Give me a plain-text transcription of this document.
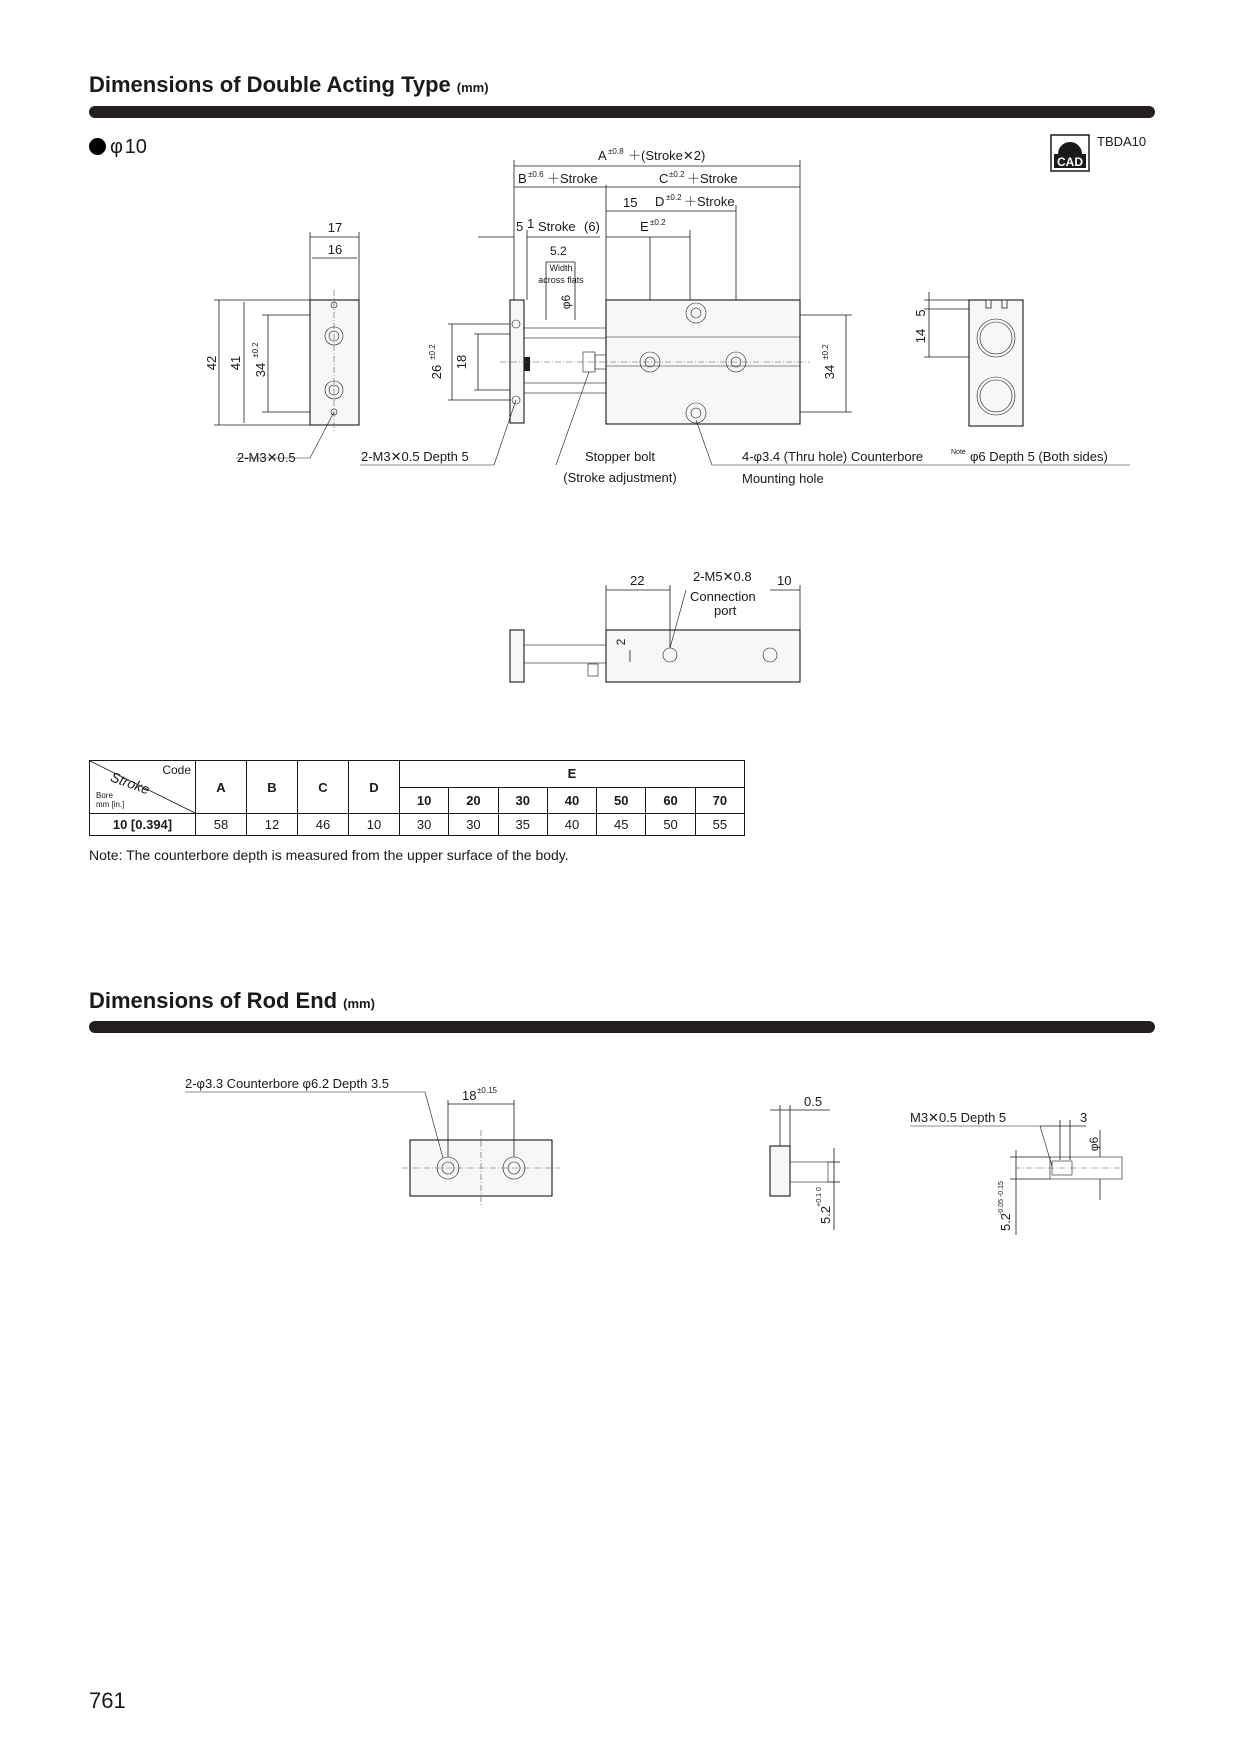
Dimensions of Double Acting Type (mm)
φ 10
CAD
TBDA10
17
16
42 41 34
±0.2
2-M3✕0.5
A ±0.8 ＋(Stroke✕2)
B ±0.6 ＋Stroke	C ±0.2 ＋Stroke
15 D ±0.2 ＋Stroke
5 1 Stroke (6)	E ±0.2
5.2
Width
across flats
φ6
26
±0.2
18
34
±0.2
2-M3✕0.5 Depth 5	Stopper bolt
(Stroke adjustment)
4-φ3.4 (Thru hole) Counterbore	Note φ6 Depth 5 (Both sides)
Mounting hole
5
14
22	2-M5✕0.8
Connection
port
10
2
Code
Stroke
Bore
mm [in.]	A	B	C	D	E						
					10	20	30	40	50	60	70
10 [0.394]	58	12	46	10	30	30	35	40	45	50	55
Note: The counterbore depth is measured from the upper surface of the body.
Dimensions of Rod End (mm)
2-φ3.3 Counterbore φ6.2 Depth 3.5
18 ±0.15
0.5
5.2
+0.1 0
M3✕0.5 Depth 5	3
φ6
5.2
-0.05 -0.15
761
